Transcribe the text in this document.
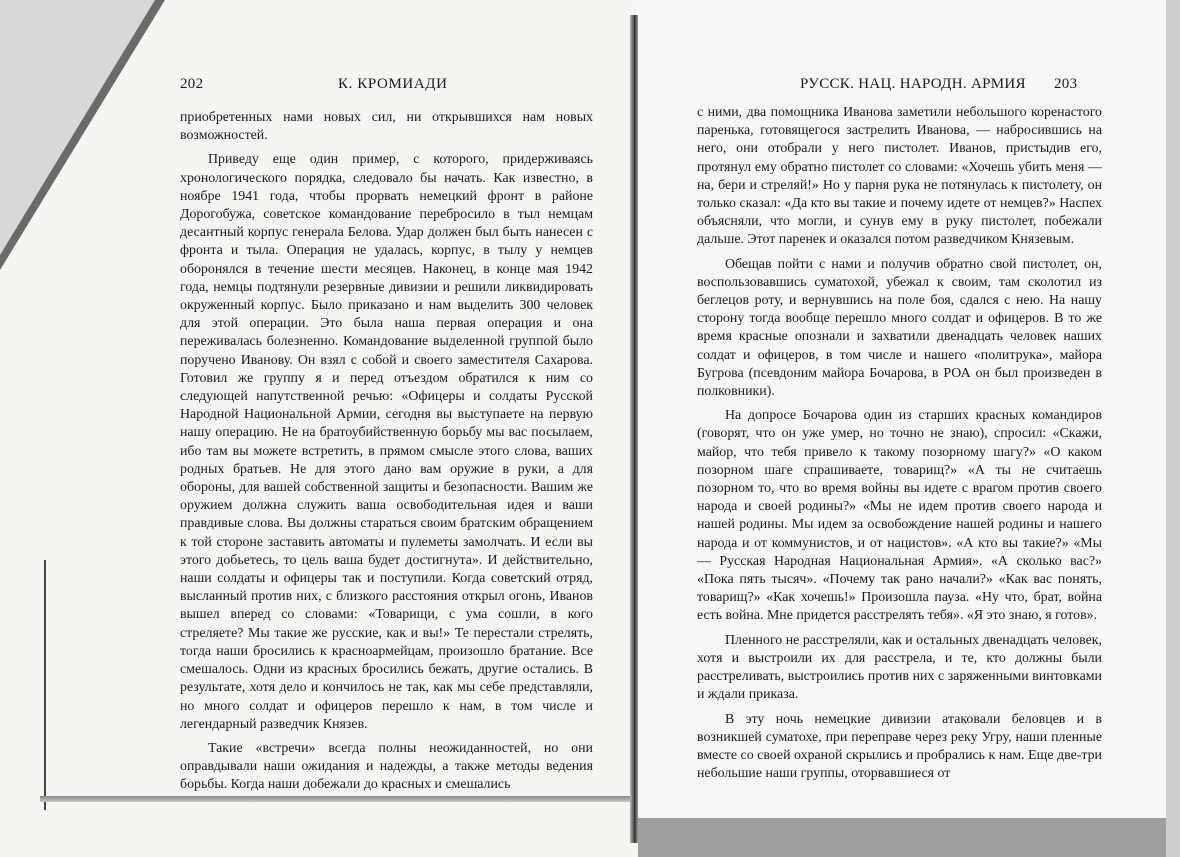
202	К. КРОМИАДИ	РУССК. НАЦ. НАРОДН. АРМИЯ 203

приобретенных нами новых сил, ни открывшихся нам новых возможностей.

Приведу еще один пример, с которого, придерживаясь хронологического порядка, следовало бы начать. Как известно, в ноябре 1941 года, чтобы прорвать немецкий фронт в районе Дорогобужа, советское командование перебросило в тыл немцам десантный корпус генерала Белова. Удар должен был быть нанесен с фронта и тыла. Операция не удалась, корпус, в тылу у немцев оборонялся в течение шести месяцев. Наконец, в конце мая 1942 года, немцы подтянули резервные дивизии и решили ликвидировать окруженный корпус. Было приказано и нам выделить 300 человек для этой операции. Это была наша первая операция и она переживалась болезненно. Командование выделенной группой было поручено Иванову. Он взял с собой и своего заместителя Сахарова. Готовил же группу я и перед отъездом обратился к ним со следующей напутственной речью: «Офицеры и солдаты Русской Народной Национальной Армии, сегодня вы выступаете на первую нашу операцию. Не на братоубийственную борьбу мы вас посылаем, ибо там вы можете встретить, в прямом смысле этого слова, ваших родных братьев. Не для этого дано вам оружие в руки, а для обороны, для вашей собственной защиты и безопасности. Вашим же оружием должна служить ваша освободительная идея и ваши правдивые слова. Вы должны стараться своим братским обращением к той стороне заставить автоматы и пулеметы замолчать. И если вы этого добьетесь, то цель ваша будет достигнута». И действительно, наши солдаты и офицеры так и поступили. Когда советский отряд, высланный против них, с близкого расстояния открыл огонь, Иванов вышел вперед со словами: «Товарищи, с ума сошли, в кого стреляете? Мы такие же русские, как и вы!» Те перестали стрелять, тогда наши бросились к красноармейцам, произошло братание. Все смешалось. Одни из красных бросились бежать, другие остались. В результате, хотя дело и кончилось не так, как мы себе представляли, но много солдат и офицеров перешло к нам, в том числе и легендарный разведчик Князев.

Такие «встречи» всегда полны неожиданностей, но они оправдывали наши ожидания и надежды, а также методы ведения борьбы. Когда наши добежали до красных и смешались

с ними, два помощника Иванова заметили небольшого коренастого паренька, готовящегося застрелить Иванова, — набросившись на него, они отобрали у него пистолет. Иванов, пристыдив его, протянул ему обратно пистолет со словами: «Хочешь убить меня — на, бери и стреляй!» Но у парня рука не потянулась к пистолету, он только сказал: «Да кто вы такие и почему идете от немцев?» Наспех объясняли, что могли, и сунув ему в руку пистолет, побежали дальше. Этот паренек и оказался потом разведчиком Князевым.

Обещав пойти с нами и получив обратно свой пистолет, он, воспользовавшись суматохой, убежал к своим, там сколотил из беглецов роту, и вернувшись на поле боя, сдался с нею. На нашу сторону тогда вообще перешло много солдат и офицеров. В то же время красные опознали и захватили двенадцать человек наших солдат и офицеров, в том числе и нашего «политрука», майора Бугрова (псевдоним майора Бочарова, в РОА он был произведен в полковники).

На допросе Бочарова один из старших красных командиров (говорят, что он уже умер, но точно не знаю), спросил: «Скажи, майор, что тебя привело к такому позорному шагу?» «О каком позорном шаге спрашиваете, товарищ?» «А ты не считаешь позорном то, что во время войны вы идете с врагом против своего народа и своей родины?» «Мы не идем против своего народа и нашей родины. Мы идем за освобождение нашей родины и нашего народа и от коммунистов, и от нацистов». «А кто вы такие?» «Мы — Русская Народная Национальная Армия». «А сколько вас?» «Пока пять тысяч». «Почему так рано начали?» «Как вас понять, товарищ?» «Как хочешь!» Произошла пауза. «Ну что, брат, война есть война. Мне придется расстрелять тебя». «Я это знаю, я готов».

Пленного не расстреляли, как и остальных двенадцать человек, хотя и выстроили их для расстрела, и те, кто должны были расстреливать, выстроились против них с заряженными винтовками и ждали приказа.

В эту ночь немецкие дивизии атаковали беловцев и в возникшей суматохе, при переправе через реку Угру, наши пленные вместе со своей охраной скрылись и пробрались к нам. Еще две-три небольшие наши группы, оторвавшиеся от
